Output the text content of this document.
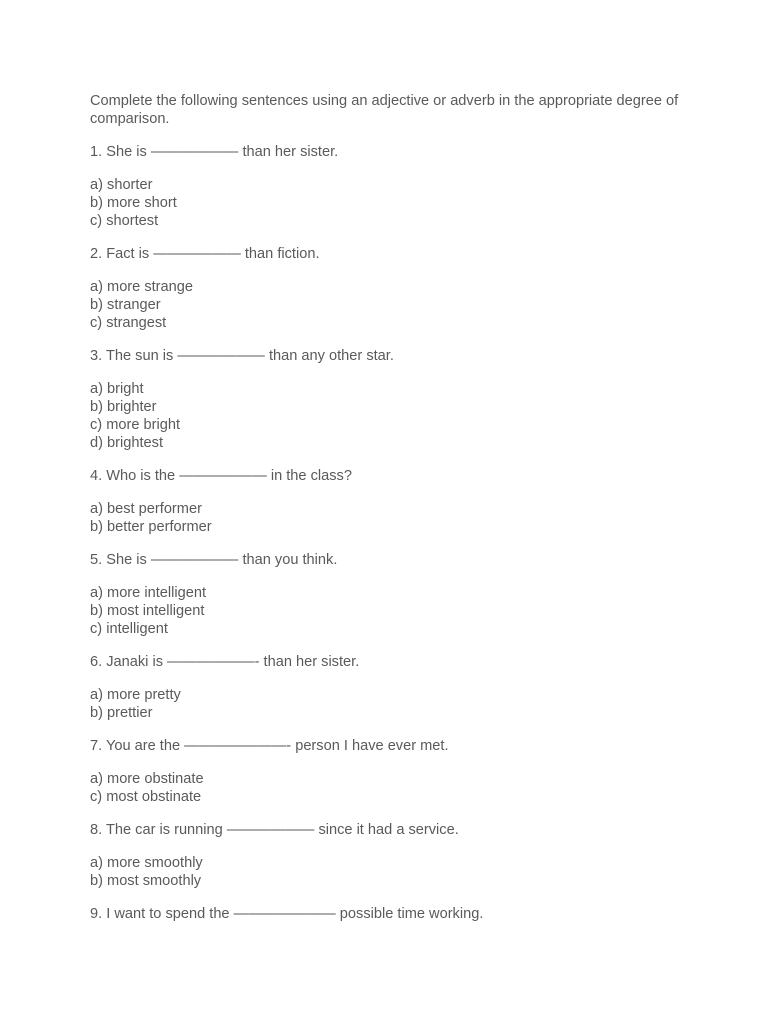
Complete the following sentences using an adjective or adverb in the appropriate degree of comparison.

1. She is —————— than her sister.

a) shorter
b) more short
c) shortest

2. Fact is —————— than fiction.

a) more strange
b) stranger
c) strangest

3. The sun is —————— than any other star.

a) bright
b) brighter
c) more bright
d) brightest

4. Who is the —————— in the class?

a) best performer
b) better performer

5. She is —————— than you think.

a) more intelligent
b) most intelligent
c) intelligent

6. Janaki is ——————- than her sister.

a) more pretty
b) prettier

7. You are the ———————- person I have ever met.

a) more obstinate
c) most obstinate

8. The car is running —————— since it had a service.

a) more smoothly
b) most smoothly

9. I want to spend the ——————— possible time working.
